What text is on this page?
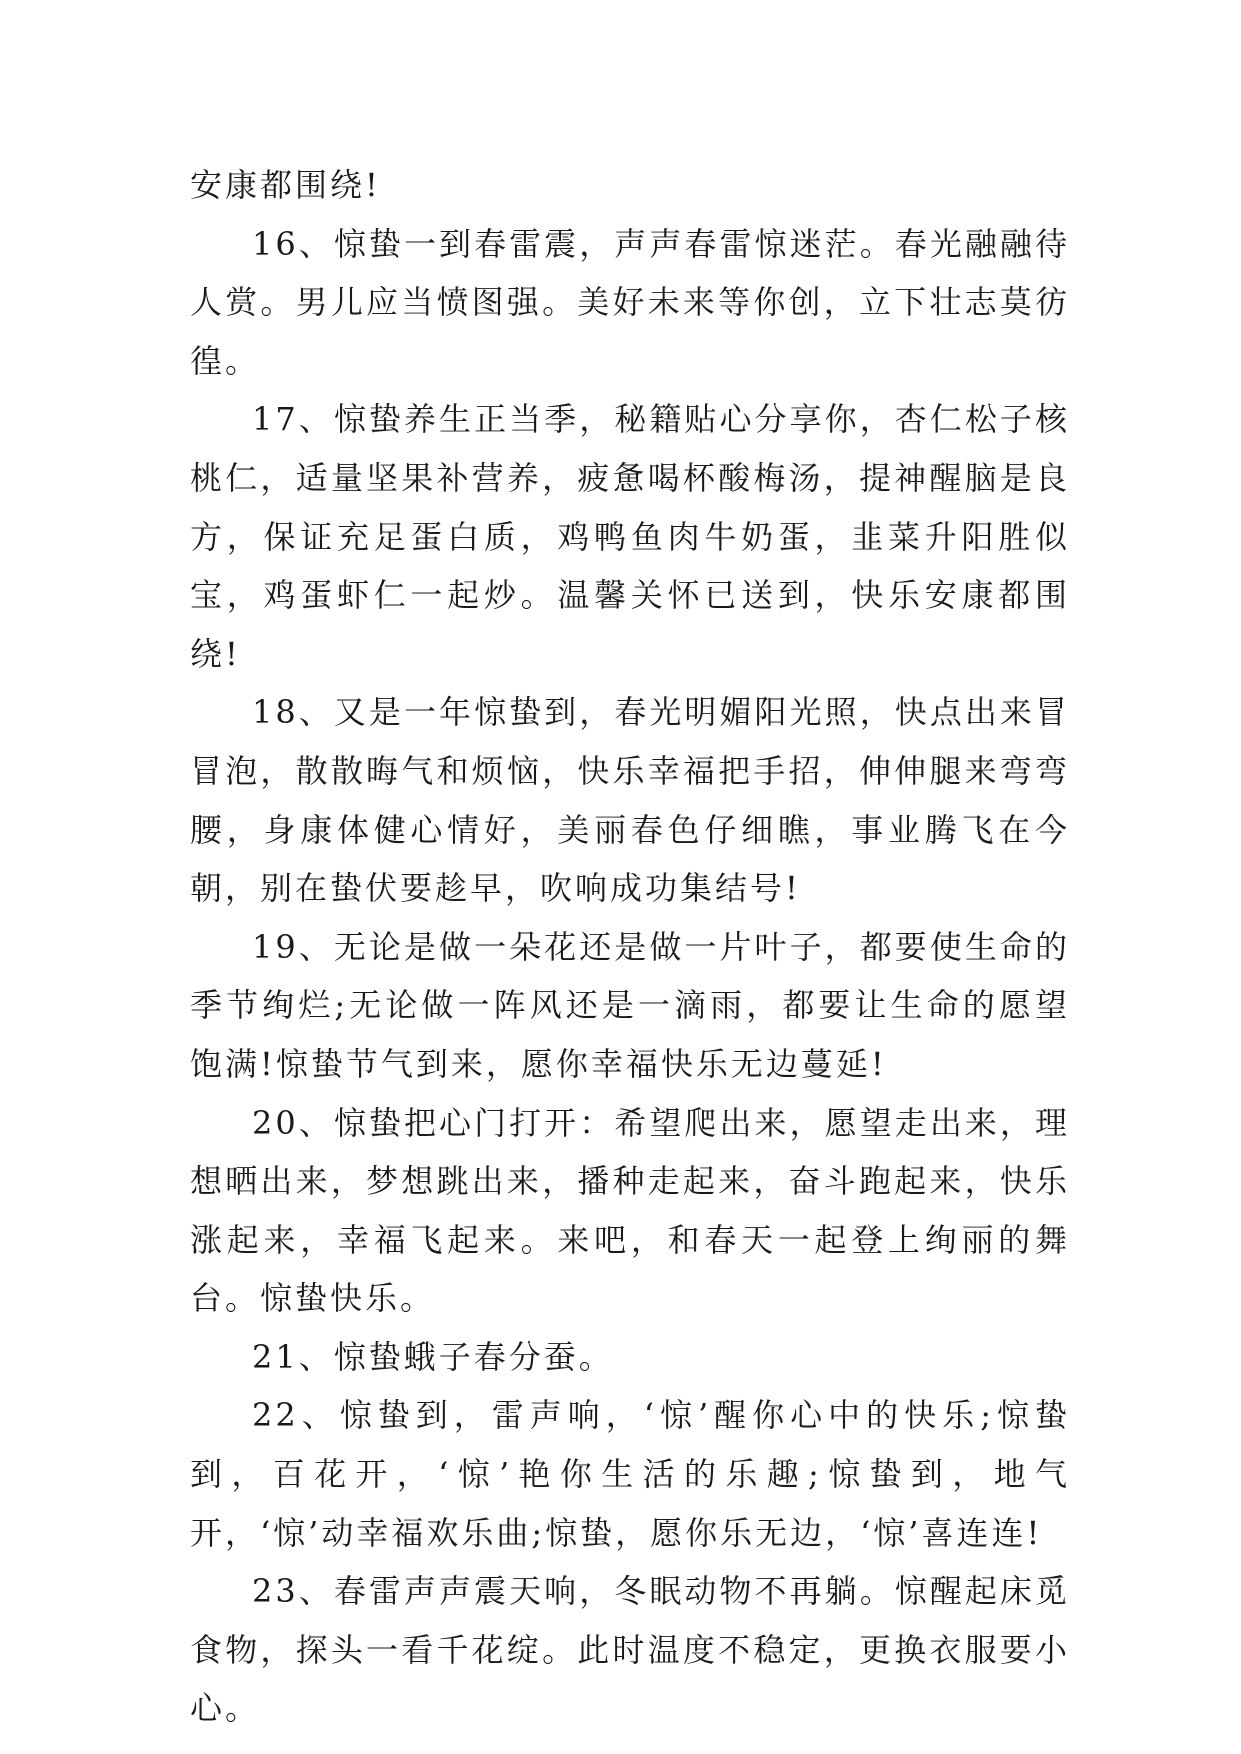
安康都围绕!

16、惊蛰一到春雷震，声声春雷惊迷茫。春光融融待人赏。男儿应当愤图强。美好未来等你创，立下壮志莫彷徨。

17、惊蛰养生正当季，秘籍贴心分享你，杏仁松子核桃仁，适量坚果补营养，疲惫喝杯酸梅汤，提神醒脑是良方，保证充足蛋白质，鸡鸭鱼肉牛奶蛋，韭菜升阳胜似宝，鸡蛋虾仁一起炒。温馨关怀已送到，快乐安康都围绕!

18、又是一年惊蛰到，春光明媚阳光照，快点出来冒冒泡，散散晦气和烦恼，快乐幸福把手招，伸伸腿来弯弯腰，身康体健心情好，美丽春色仔细瞧，事业腾飞在今朝，别在蛰伏要趁早，吹响成功集结号!

19、无论是做一朵花还是做一片叶子，都要使生命的季节绚烂;无论做一阵风还是一滴雨，都要让生命的愿望饱满!惊蛰节气到来，愿你幸福快乐无边蔓延!

20、惊蛰把心门打开：希望爬出来，愿望走出来，理想晒出来，梦想跳出来，播种走起来，奋斗跑起来，快乐涨起来，幸福飞起来。来吧，和春天一起登上绚丽的舞台。惊蛰快乐。

21、惊蛰蛾子春分蚕。

22、惊蛰到，雷声响，‘惊’醒你心中的快乐;惊蛰到，百花开，‘惊’艳你生活的乐趣;惊蛰到，地气开，‘惊’动幸福欢乐曲;惊蛰，愿你乐无边，‘惊’喜连连!

23、春雷声声震天响，冬眠动物不再躺。惊醒起床觅食物，探头一看千花绽。此时温度不稳定，更换衣服要小心。
